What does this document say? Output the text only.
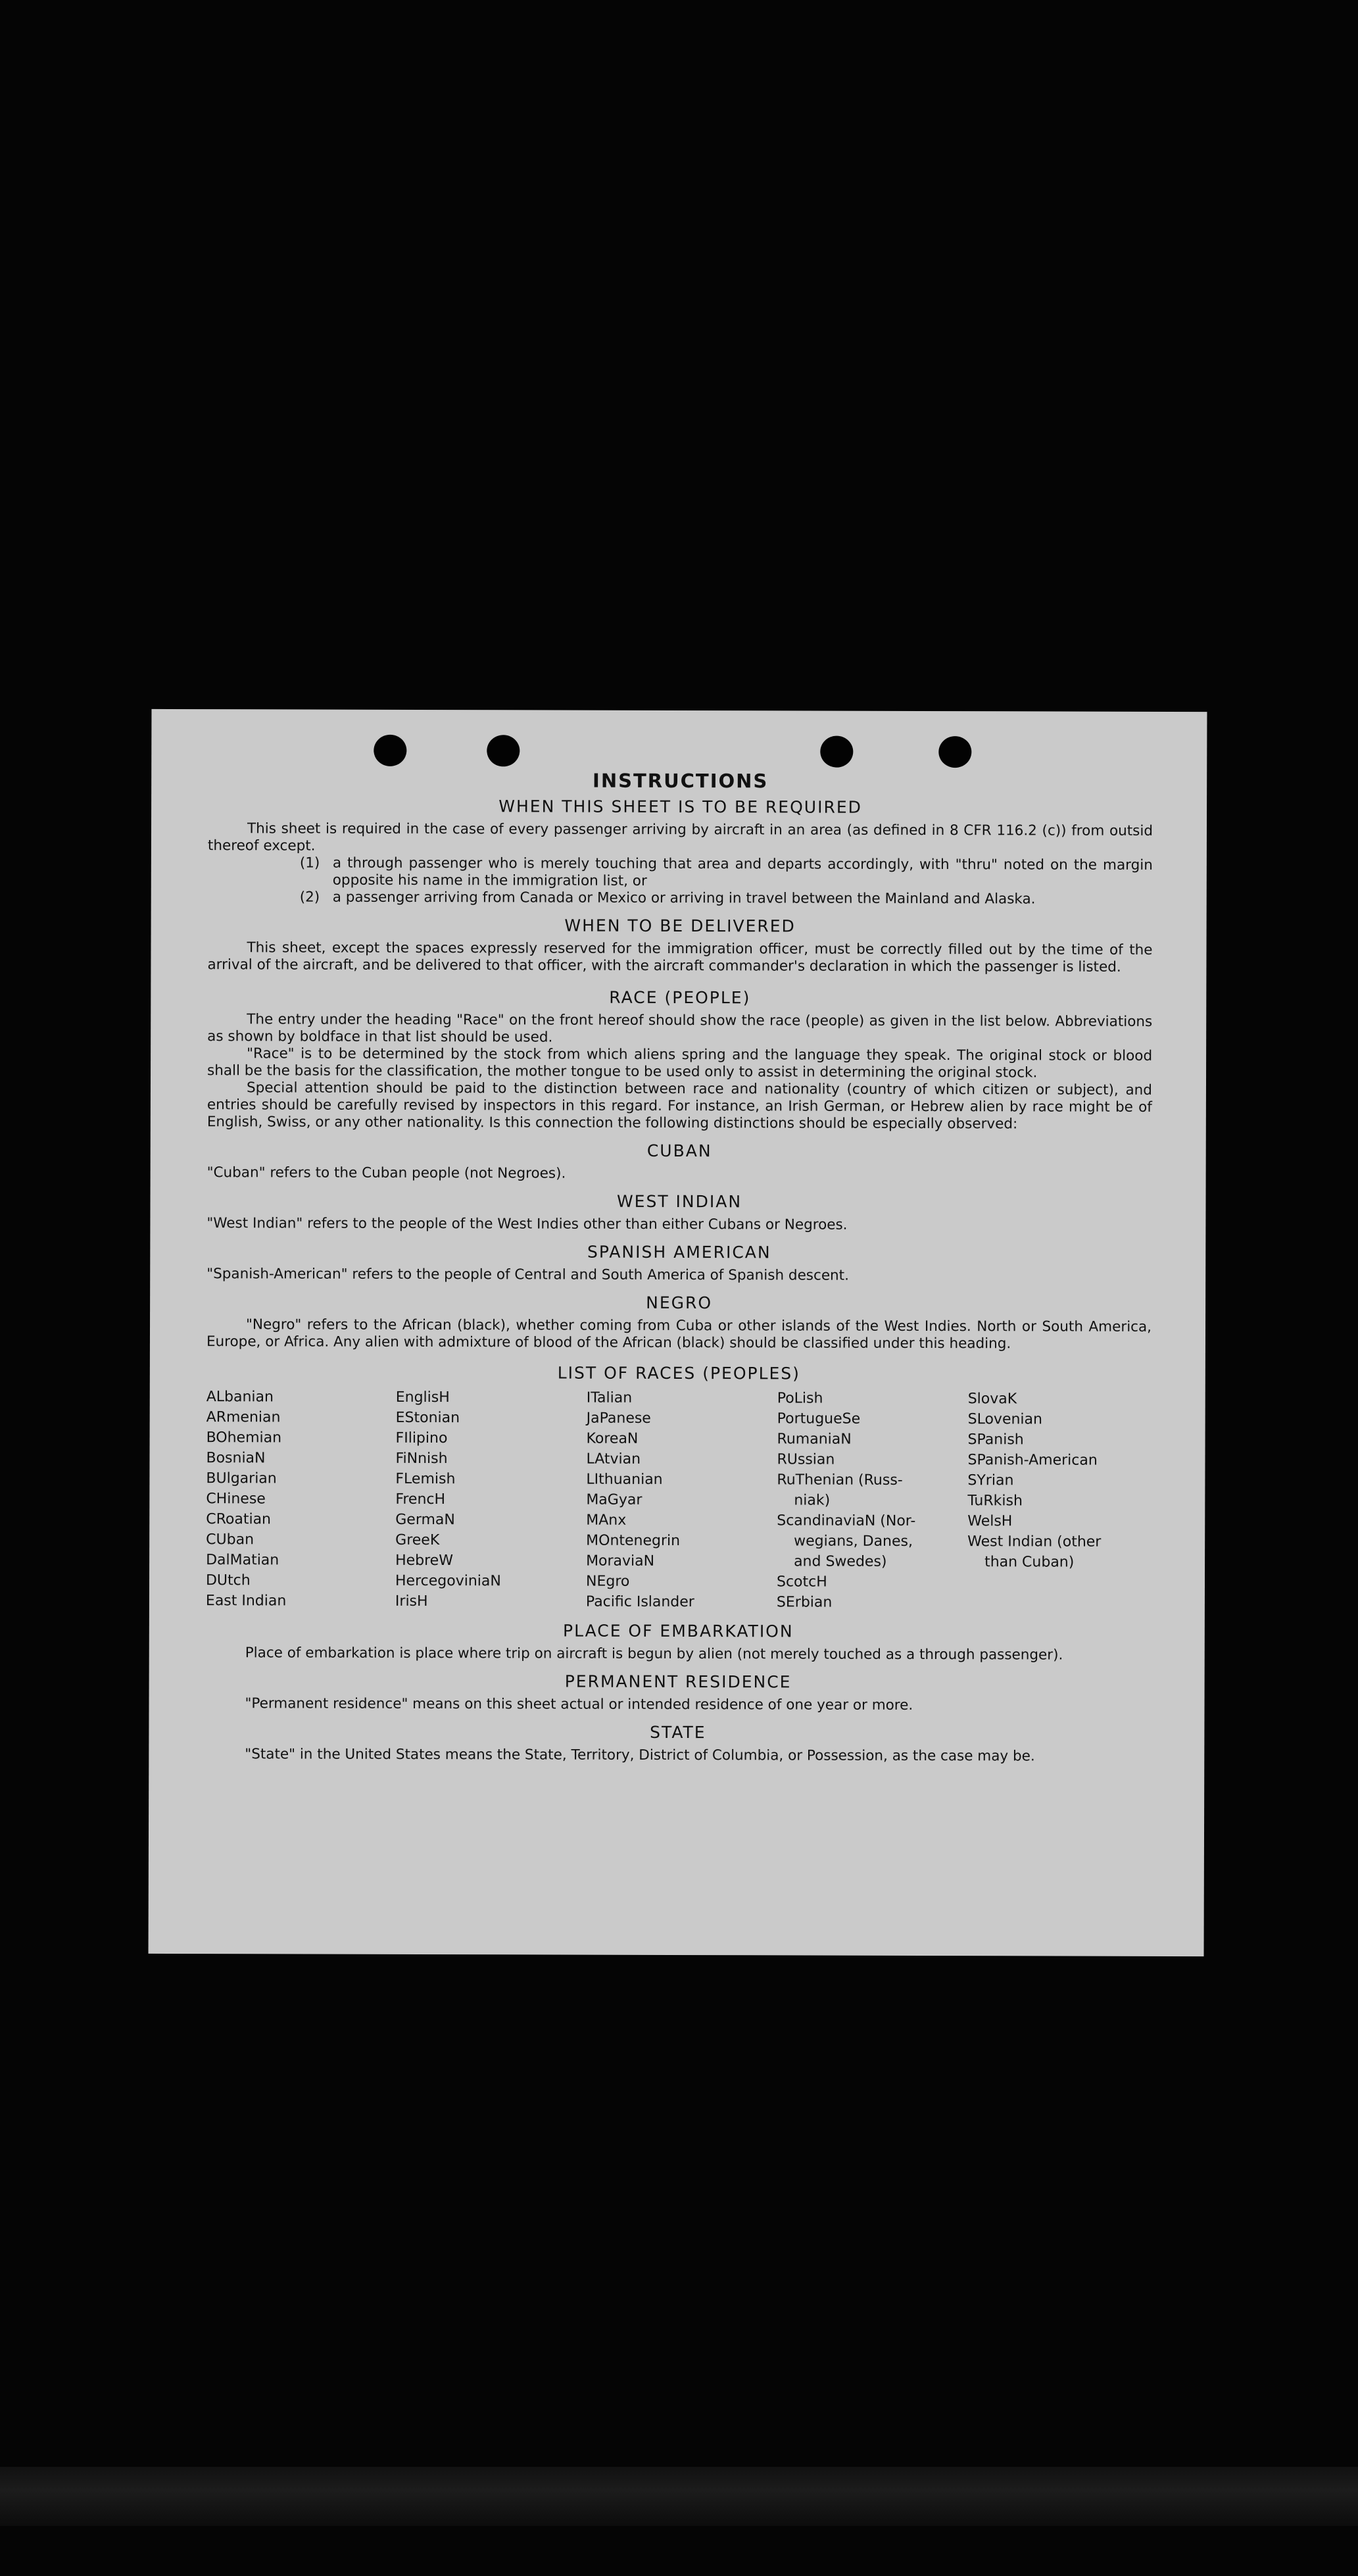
INSTRUCTIONS
WHEN THIS SHEET IS TO BE REQUIRED

This sheet is required in the case of every passenger arriving by aircraft in an area (as defined in 8 CFR 116.2 (c)) from outsid thereof except.

(1) a through passenger who is merely touching that area and departs accordingly, with "thru" noted on the margin opposite his name in the immigration list, or
(2) a passenger arriving from Canada or Mexico or arriving in travel between the Mainland and Alaska.
WHEN TO BE DELIVERED

This sheet, except the spaces expressly reserved for the immigration officer, must be correctly filled out by the time of the arrival of the aircraft, and be delivered to that officer, with the aircraft commander's declaration in which the passenger is listed.

RACE (PEOPLE)

The entry under the heading "Race" on the front hereof should show the race (people) as given in the list below. Abbreviations as shown by boldface in that list should be used.

"Race" is to be determined by the stock from which aliens spring and the language they speak. The original stock or blood shall be the basis for the classification, the mother tongue to be used only to assist in determining the original stock.

Special attention should be paid to the distinction between race and nationality (country of which citizen or subject), and entries should be carefully revised by inspectors in this regard. For instance, an Irish German, or Hebrew alien by race might be of English, Swiss, or any other nationality. Is this connection the following distinctions should be especially observed:

CUBAN

"Cuban" refers to the Cuban people (not Negroes).

WEST INDIAN

"West Indian" refers to the people of the West Indies other than either Cubans or Negroes.

SPANISH AMERICAN

"Spanish-American" refers to the people of Central and South America of Spanish descent.

NEGRO

"Negro" refers to the African (black), whether coming from Cuba or other islands of the West Indies. North or South America, Europe, or Africa. Any alien with admixture of blood of the African (black) should be classified under this heading.

LIST OF RACES (PEOPLES)
ALbanian
ARmenian
BOhemian
BosniaN
BUlgarian
CHinese
CRoatian
CUban
DalMatian
DUtch
East Indian
EnglisH
EStonian
FIlipino
FiNnish
FLemish
FrencH
GermaN
GreeK
HebreW
HercegoviniaN
IrisH
ITalian
JaPanese
KoreaN
LAtvian
LIthuanian
MaGyar
MAnx
MOntenegrin
MoraviaN
NEgro
Pacific Islander
PoLish
PortugueSe
RumaniaN
RUssian
RuThenian (Russ-
niak)
ScandinaviaN (Nor-
wegians, Danes,
and Swedes)
ScotcH
SErbian
SlovaK
SLovenian
SPanish
SPanish-American
SYrian
TuRkish
WelsH
West Indian (other
than Cuban)
PLACE OF EMBARKATION

Place of embarkation is place where trip on aircraft is begun by alien (not merely touched as a through passenger).

PERMANENT RESIDENCE

"Permanent residence" means on this sheet actual or intended residence of one year or more.

STATE

"State" in the United States means the State, Territory, District of Columbia, or Possession, as the case may be.
